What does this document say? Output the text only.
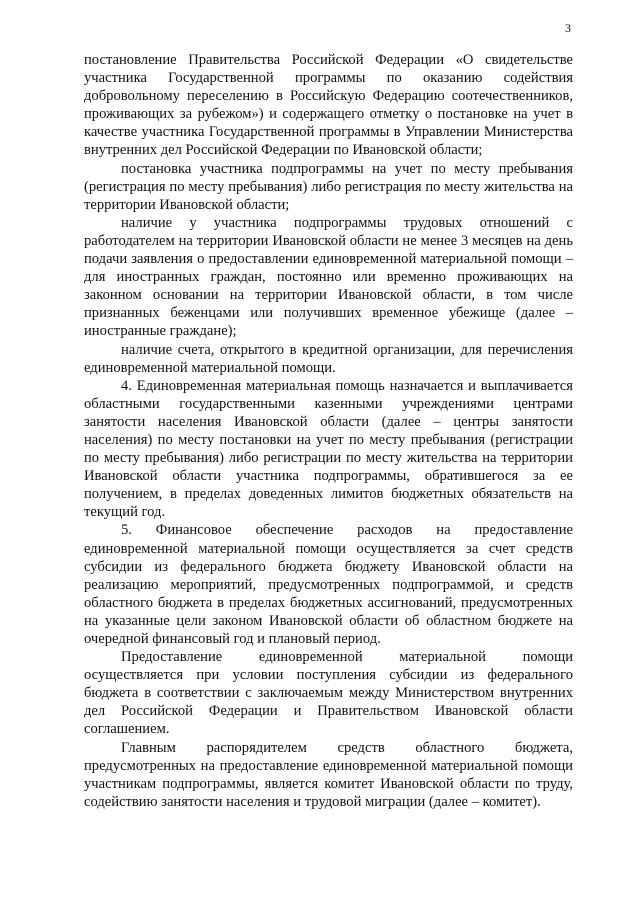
3

постановление Правительства Российской Федерации «О свидетельстве участника Государственной программы по оказанию содействия добровольному переселению в Российскую Федерацию соотечественников, проживающих за рубежом») и содержащего отметку о постановке на учет в качестве участника Государственной программы в Управлении Министерства внутренних дел Российской Федерации по Ивановской области;

постановка участника подпрограммы на учет по месту пребывания (регистрация по месту пребывания) либо регистрация по месту жительства на территории Ивановской области;

наличие у участника подпрограммы трудовых отношений с работодателем на территории Ивановской области не менее 3 месяцев на день подачи заявления о предоставлении единовременной материальной помощи – для иностранных граждан, постоянно или временно проживающих на законном основании на территории Ивановской области, в том числе признанных беженцами или получивших временное убежище (далее – иностранные граждане);

наличие счета, открытого в кредитной организации, для перечисления единовременной материальной помощи.

4. Единовременная материальная помощь назначается и выплачивается областными государственными казенными учреждениями центрами занятости населения Ивановской области (далее – центры занятости населения) по месту постановки на учет по месту пребывания (регистрации по месту пребывания) либо регистрации по месту жительства на территории Ивановской области участника подпрограммы, обратившегося за ее получением, в пределах доведенных лимитов бюджетных обязательств на текущий год.

5. Финансовое обеспечение расходов на предоставление единовременной материальной помощи осуществляется за счет средств субсидии из федерального бюджета бюджету Ивановской области на реализацию мероприятий, предусмотренных подпрограммой, и средств областного бюджета в пределах бюджетных ассигнований, предусмотренных на указанные цели законом Ивановской области об областном бюджете на очередной финансовый год и плановый период.

Предоставление единовременной материальной помощи осуществляется при условии поступления субсидии из федерального бюджета в соответствии с заключаемым между Министерством внутренних дел Российской Федерации и Правительством Ивановской области соглашением.

Главным распорядителем средств областного бюджета, предусмотренных на предоставление единовременной материальной помощи участникам подпрограммы, является комитет Ивановской области по труду, содействию занятости населения и трудовой миграции (далее – комитет).
